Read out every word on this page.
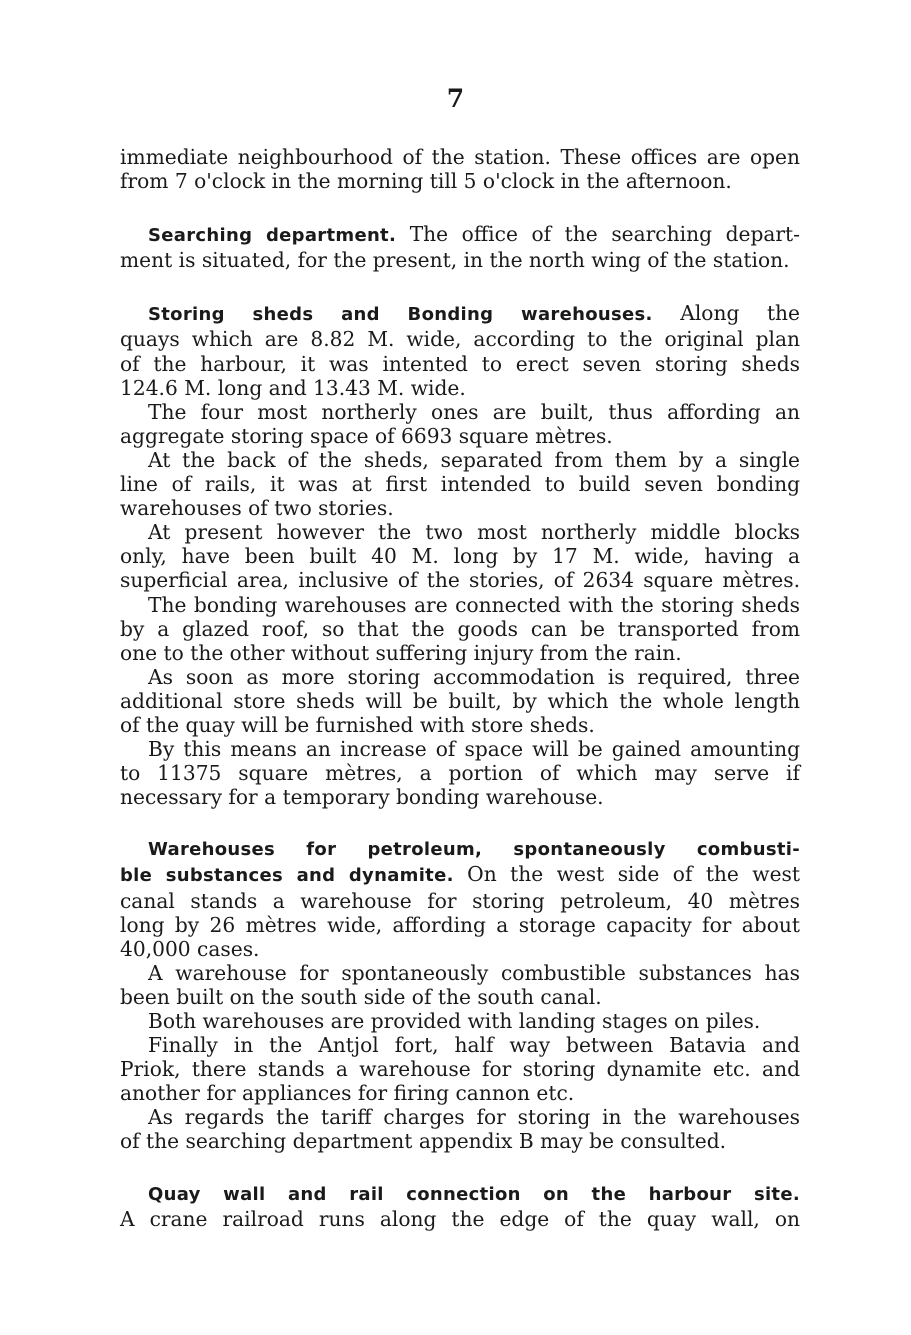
7
immediate neighbourhood of the station. These offices are open
from 7 o'clock in the morning till 5 o'clock in the afternoon.
Searching department. The office of the searching depart-
ment is situated, for the present, in the north wing of the station.
Storing sheds and Bonding warehouses. Along the
quays which are 8.82 M. wide, according to the original plan
of the harbour, it was intented to erect seven storing sheds
124.6 M. long and 13.43 M. wide.
The four most northerly ones are built, thus affording an
aggregate storing space of 6693 square mètres.
At the back of the sheds, separated from them by a single
line of rails, it was at first intended to build seven bonding
warehouses of two stories.
At present however the two most northerly middle blocks
only, have been built 40 M. long by 17 M. wide, having a
superficial area, inclusive of the stories, of 2634 square mètres.
The bonding warehouses are connected with the storing sheds
by a glazed roof, so that the goods can be transported from
one to the other without suffering injury from the rain.
As soon as more storing accommodation is required, three
additional store sheds will be built, by which the whole length
of the quay will be furnished with store sheds.
By this means an increase of space will be gained amounting
to 11375 square mètres, a portion of which may serve if
necessary for a temporary bonding warehouse.
Warehouses for petroleum, spontaneously combusti-
ble substances and dynamite. On the west side of the west
canal stands a warehouse for storing petroleum, 40 mètres
long by 26 mètres wide, affording a storage capacity for about
40,000 cases.
A warehouse for spontaneously combustible substances has
been built on the south side of the south canal.
Both warehouses are provided with landing stages on piles.
Finally in the Antjol fort, half way between Batavia and
Priok, there stands a warehouse for storing dynamite etc. and
another for appliances for firing cannon etc.
As regards the tariff charges for storing in the warehouses
of the searching department appendix B may be consulted.
Quay wall and rail connection on the harbour site.
A crane railroad runs along the edge of the quay wall, on
